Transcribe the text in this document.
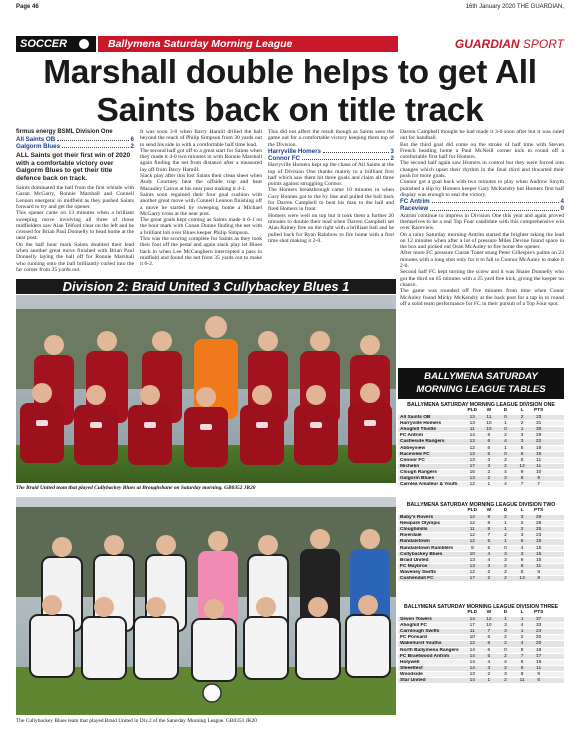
Page 46	16th January 2020 THE GUARDIAN,
SOCCER	Ballymena Saturday Morning League	GUARDIAN SPORT
Marshall double helps to get All Saints back on title track

firmus energy BSML Division One

All Saints OB	6
Galgorm Blues	2

ALL Saints got their first win of 2020 with a comfortable victory over Galgorm Blues to get their title defence back on track.

Saints dominated the ball from the first whistle with Garan McGarry, Ronnie Marshall and Connell Lennon energetic in midfield as they pushed Saints forward to try and get the opener.

This opener came on 13 minutes when a brilliant sweeping move involving all three of those midfielders saw Alan Telford clear on the left and he crossed for Brian Paul Donnelly to head home at the near post.

On the half hour mark Saints doubled their lead when another great move finished with Brian Paul Donnelly laying the ball off for Ronnie Marshall who running onto the ball brilliantly curled into the far corner from 25 yards out.

It was soon 3-0 when Barry Hamill drilled the ball beyond the reach of Philip Simpson from 30 yards out to send his side in with a comfortable half time lead.

The second half got off to a great start for Saints when they made it 4-0 two minutes in with Ronnie Marshall again finding the net from distance after a measured lay off from Barry Hamill.

Slack play after this lost Saints their clean sheet when Andy Courtney beat the offside trap and beat Macauley Cairns at his near post making it 4-1.

Saints soon regained their four goal cushion with another great move with Connell Lennon finishing off a move he started by sweeping home a Michael McGarry cross at the near post.

The great goals kept coming as Saints made it 6-1 on the hour mark with Conan Dunne finding the net with a brilliant lob over Blues keeper Philip Simpson.

This was the scoring complete for Saints as they took their foot off the pedal and again slack play let Blues back in when Lee McCaughern intercepted a pass in midfield and found the net from 35 yards out to make it 6-2.

This did not affect the result though as Saints seen the game out for a comfortable victory keeping them top of the Division.

Harryville Homers	3
Connor FC	2

Harryville Homers kept up the chase of All Saints at the top of Division One thanks mainly to a brilliant first half which saw them hit three goals and claim all three points against struggling Connor.

The Homers breakthrough came 10 minutes in when Gary Bonnes got to the by line and pulled the ball back for Darren Campbell to beat his man to the ball and fired Homers in front.

Homers were well on top but it took them a further 20 minutes to double their lead when Darren Campbell set Alan Rainey free on the right with a brilliant ball and he pulled back for Ryan Rainbow to fire home with a first time shot making it 2-0.

Darren Campbell thought he had made it 3-0 soon after but it was ruled out for handball.

But the third goal did come on the stroke of half time with Steven French heading home a Paul McNeill corner kick to round off a comfortable first half for Homers.

The second half again saw Homers in control but they were forced into changes which upset their rhythm in the final third and thwarted their push for more goals.

Connor got a goal back with two minutes to play when Andrew Smyth punished a slip by Homers keeper Gary McKendry but Homers first half display was enough to seal the victory.

FC Antrim	4
Raceview	0

Antrim continue to impress in Division One this year and again proved themselves to be a real Top Four candidate with this comprehensive win over Raceview.

On a rainy Saturday morning Antrim started the brighter taking the lead on 12 minutes when after a lot of pressure Miles Devine found space in the box and picked out Oran McAuley to fire home the opener.

After more FC pressure Ciaran Toner stung Peter Gillespie's palms on 23 minutes with a long shot only for it to fall to Connor McAuley to make it 2-0.

Second half FC kept turning the screw and it was Shane Donnelly who got the third on 65 minutes with a 25 yard free kick, giving the keeper no chance.

The game was rounded off five minutes from time when Conor McAuley found Micky McKendry at the back post for a tap in to round off a solid team performance for FC in their pursuit of a Top Four spot.

Division 2: Braid United 3 Cullybackey Blues 1
The Braid United team that played Cullybackey Blues at Broughshane on Saturday morning. GB0352 JR20
The Cullybackey Blues team that played Braid United in Div.2 of the Saturday Morning League. GB0353 JK20
BALLYMENA SATURDAY
MORNING LEAGUE TABLES
BALLYMENA SATURDAY MORNING LEAGUE DIVISION ONE
PLD	W	D	L	PTS
All Saints OB	13	11	0	2	33
Harryville Homers	13	10	1	2	31
Ahoghill Thistle	11	10	0	1	30
FC Antrim	14	9	2	3	29
Castleside Rangers	13	6	4	3	22
Abbeyview	12	6	1	5	19
Raceview FC	13	5	0	8	15
Connor FC	13	3	2	8	11
Michelin	17	3	2	12	11
Clough Rangers	15	2	4	9	10
Galgorm Blues	13	2	3	8	9
Carnlea Amateur & Youth	12	1	4	7	7
BALLYMENA SATURDAY MORNING LEAGUE DIVISION TWO
PLD	W	D	L	PTS
Baby's Rovers	14	9	2	3	29
Newpark Olympic	12	9	1	2	28
Cloughmills	11	8	1	2	25
Riverdale	12	7	2	3	23
Randalstown	12	5	1	6	16
Randalstown Ramblers	9	5	0	4	15
Cullybackey Blues	10	4	3	3	15
Braid United	13	4	3	6	15
FC Maybros	13	3	2	8	11
Waveney Swifts	12	2	2	8	8
Cushendall FC	17	2	2	13	8
BALLYMENA SATURDAY MORNING LEAGUE DIVISION THREE
PLD	W	D	L	PTS
Seven Towers	14	12	1	1	37
Ahoghill FC	17	10	3	4	33
Carnlough Swifts	11	7	3	1	24
FC Ponsard	10	6	2	2	20
Wakehurst Youths	12	6	2	4	20
North Ballymena Rangers	14	6	0	8	18
FC Braetwood Antrim	14	5	2	7	17
Holywell	14	4	4	6	16
Steeeltext	14	3	2	9	11
Woodside	13	2	3	8	9
Star United	14	1	2	11	5
